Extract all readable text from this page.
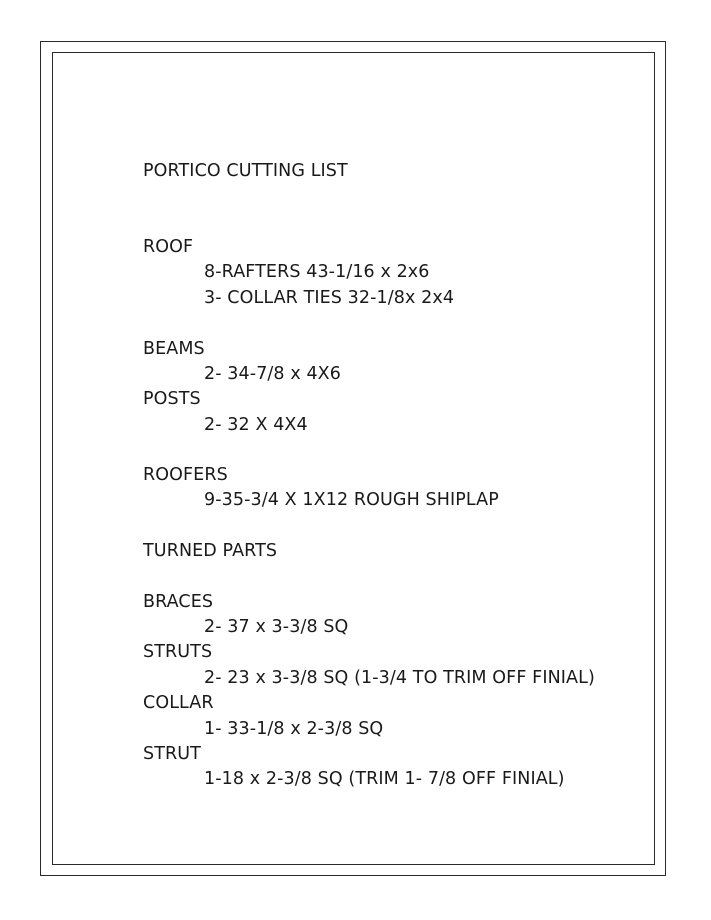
PORTICO CUTTING LIST
ROOF
8-RAFTERS 43-1/16 x 2x6
3- COLLAR TIES 32-1/8x 2x4
BEAMS
2- 34-7/8 x 4X6
POSTS
2- 32 X 4X4
ROOFERS
9-35-3/4 X 1X12 ROUGH SHIPLAP
TURNED PARTS
BRACES
2- 37 x 3-3/8 SQ
STRUTS
2- 23 x 3-3/8 SQ (1-3/4 TO TRIM OFF FINIAL)
COLLAR
1- 33-1/8 x 2-3/8 SQ
STRUT
1-18 x 2-3/8 SQ (TRIM 1- 7/8 OFF FINIAL)
